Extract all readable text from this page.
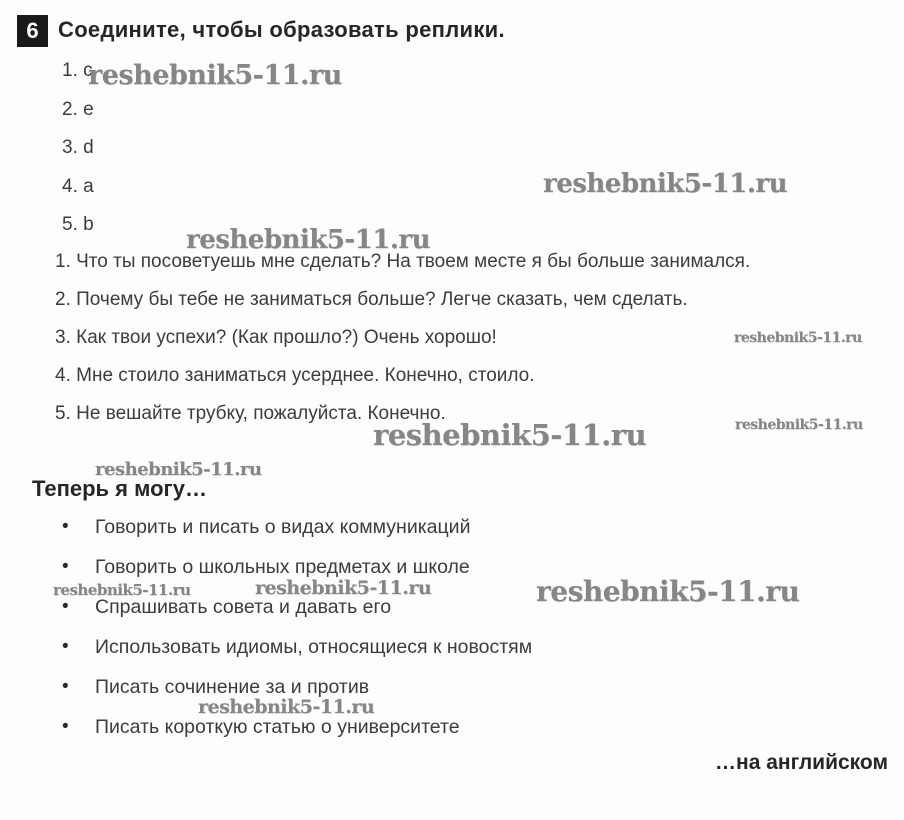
6 Соедините, чтобы образовать реплики.
1. c
2. e
3. d
4. a
5. b
1. Что ты посоветуешь мне сделать? На твоем месте я бы больше занимался.
2. Почему бы тебе не заниматься больше? Легче сказать, чем сделать.
3. Как твои успехи? (Как прошло?) Очень хорошо!
4. Мне стоило заниматься усерднее. Конечно, стоило.
5. Не вешайте трубку, пожалуйста. Конечно.
Теперь я могу…
•	Говорить и писать о видах коммуникаций
•	Говорить о школьных предметах и школе
•	Спрашивать совета и давать его
•	Использовать идиомы, относящиеся к новостям
•	Писать сочинение за и против
•	Писать короткую статью о университете
…на английском
reshebnik5-11.ru
reshebnik5-11.ru
reshebnik5-11.ru
reshebnik5-11.ru
reshebnik5-11.ru	reshebnik5-11.ru
reshebnik5-11.ru
reshebnik5-11.ru	reshebnik5-11.ru	reshebnik5-11.ru
reshebnik5-11.ru
